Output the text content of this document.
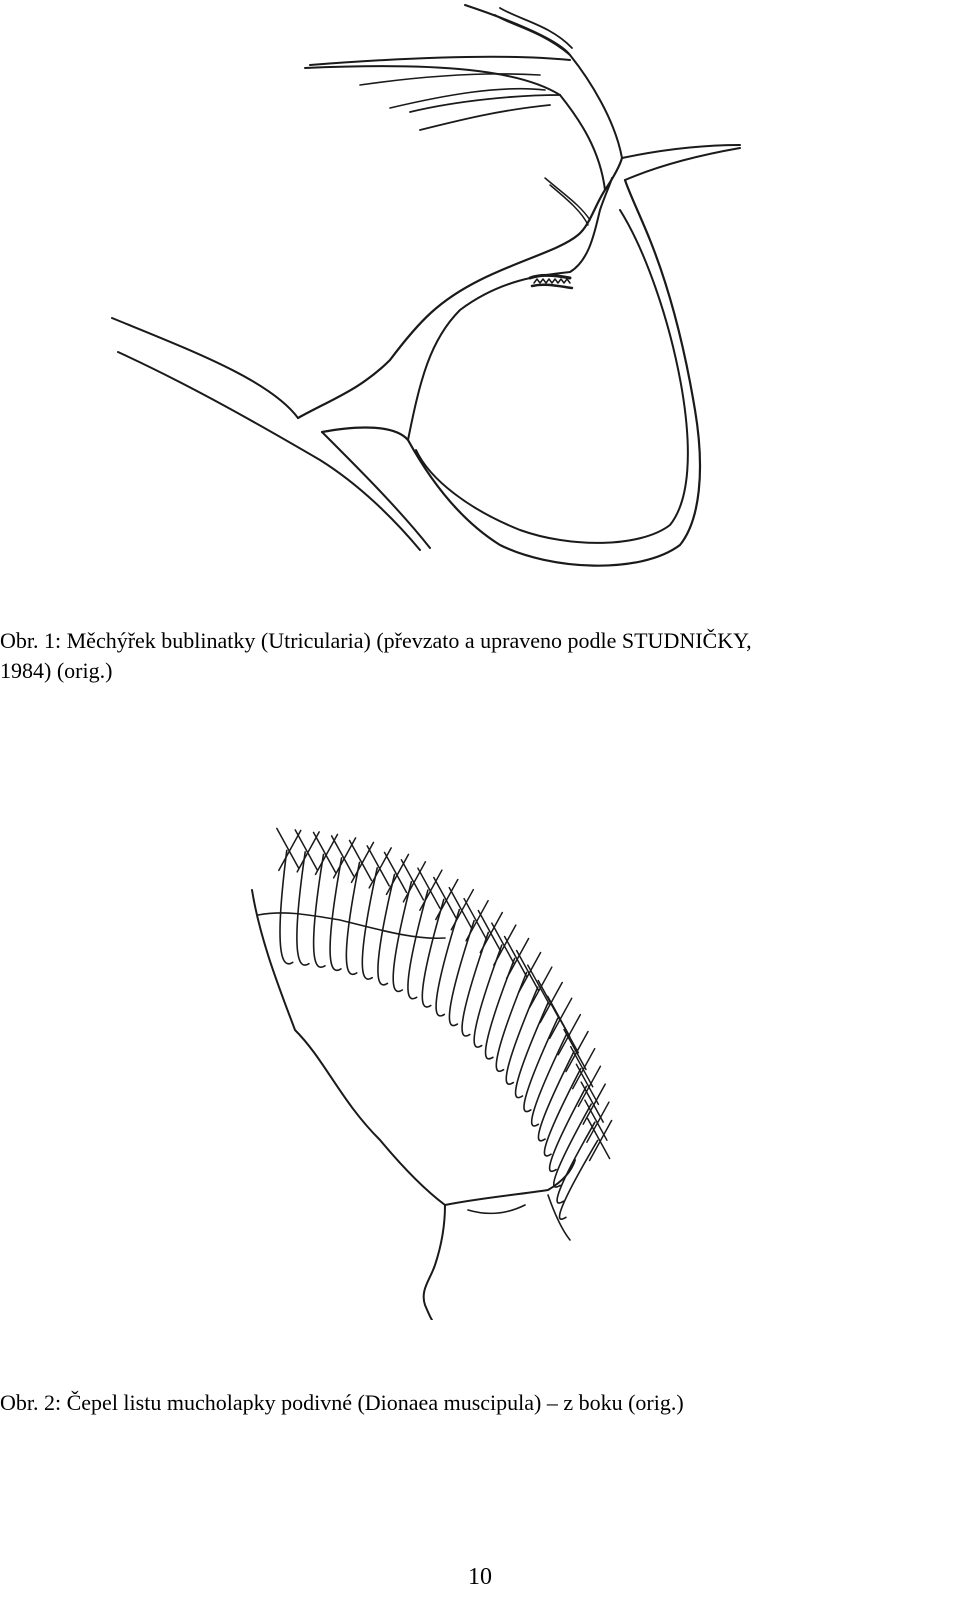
Obr. 1: Měchýřek bublinatky (Utricularia) (převzato a upraveno podle STUDNIČKY,
1984) (orig.)

Obr. 2: Čepel listu mucholapky podivné (Dionaea muscipula) – z boku (orig.)

10
